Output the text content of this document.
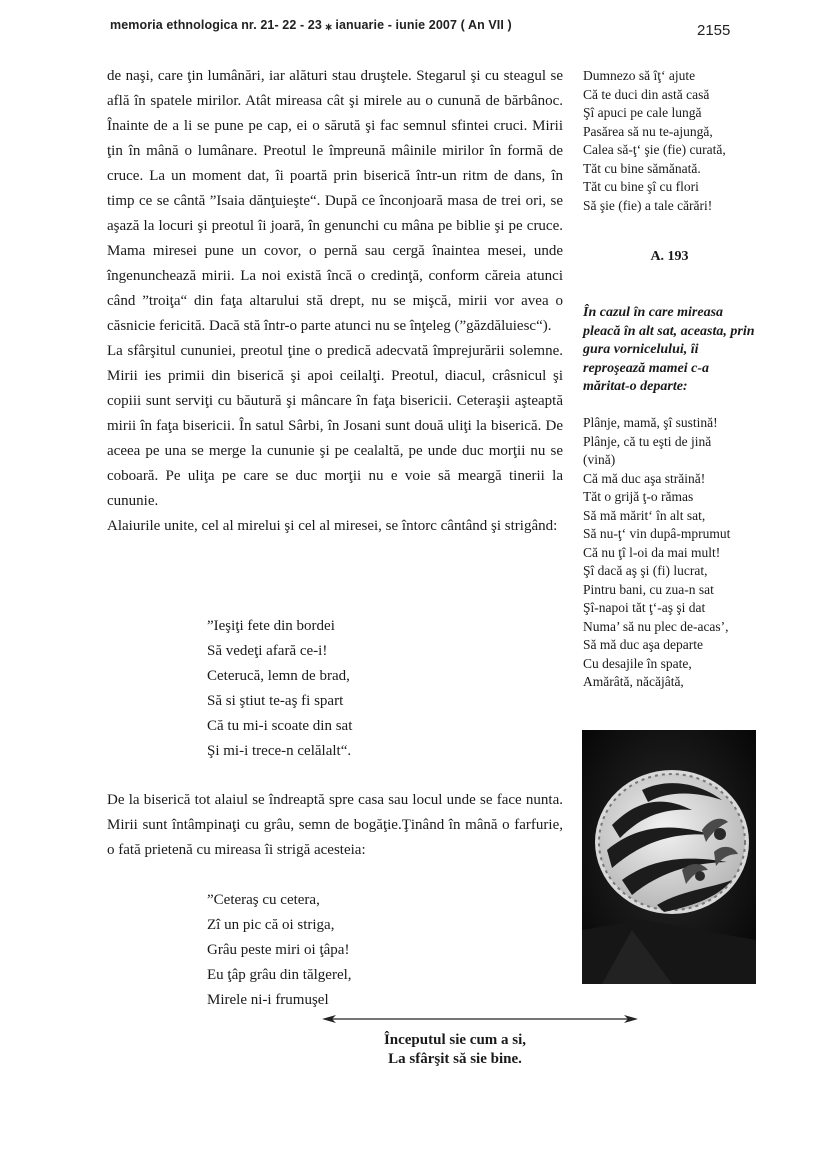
memoria ethnologica nr. 21- 22 - 23 ⁎ ianuarie - iunie 2007 ( An VII )	2155

de naşi, care ţin lumânări, iar alături stau druştele. Stegarul şi cu steagul se află în spatele mirilor. Atât mireasa cât şi mirele au o cunună de bărbânoc. Înainte de a li se pune pe cap, ei o sărută şi fac semnul sfintei cruci. Mirii ţin în mână o lumânare. Preotul le împreună mâinile mirilor în formă de cruce. La un moment dat, îi poartă prin biserică într-un ritm de dans, în timp ce se cântă ”Isaia dănţuieşte“. După ce înconjoară masa de trei ori, se aşază la locuri şi preotul îi joară, în genunchi cu mâna pe biblie şi pe cruce. Mama miresei pune un covor, o pernă sau cergă înaintea mesei, unde îngenunchează mirii. La noi există încă o credinţă, conform căreia atunci când ”troiţa“ din faţa altarului stă drept, nu se mişcă, mirii vor avea o căsnicie fericită. Dacă stă într-o parte atunci nu se înţeleg (”găzdăluiesc“).

La sfârşitul cununiei, preotul ţine o predică adecvată împrejurării solemne. Mirii ies primii din biserică şi apoi ceilalţi. Preotul, diacul, crâsnicul şi copiii sunt serviţi cu băutură şi mâncare în faţa bisericii. Ceteraşii aşteaptă mirii în faţa bisericii. În satul Sârbi, în Josani sunt două uliţi la biserică. De aceea pe una se merge la cununie şi pe cealaltă, pe unde duc morţii nu se coboară. Pe uliţa pe care se duc morţii nu e voie să meargă tinerii la cununie.

Alaiurile unite, cel al mirelui şi cel al miresei, se întorc cântând şi strigând:

”Ieşiţi fete din bordei
Să vedeţi afară ce-i!
Ceterucă, lemn de brad,
Să si ştiut te-aş fi spart
Că tu mi-i scoate din sat
Şi mi-i trece-n celălalt“.

De la biserică tot alaiul se îndreaptă spre casa sau locul unde se face nunta. Mirii sunt întâmpinaţi cu grâu, semn de bogăţie.Ţinând în mână o farfurie, o fată prietenă cu mireasa îi strigă acesteia:

”Ceteraş cu cetera,
Zî un pic că oi striga,
Grâu peste miri oi ţâpa!
Eu ţâp grâu din tălgerel,
Mirele ni-i frumuşel
Dumnezo să îţ‘ ajute
Că te duci din astă casă
Şî apuci pe cale lungă
Pasărea să nu te-ajungă,
Calea să-ţ‘ şie (fie) curată,
Tăt cu bine sămănată.
Tăt cu bine şî cu flori
Să şie (fie) a tale cărări!
A. 193
În cazul în care mireasa pleacă în alt sat, aceasta, prin gura vornicelului, îi reproşează mamei c-a măritat-o departe:
Plânje, mamă, şî sustină!
Plânje, că tu eşti de jină
(vină)
Că mă duc aşa străină!
Tăt o grijă ţ-o rămas
Să mă mărit‘ în alt sat,
Să nu-ţ‘ vin dupâ-mprumut
Că nu ţî l-oi da mai mult!
Şî dacă aş şi (fi) lucrat,
Pintru bani, cu zua-n sat
Şî-napoi tăt ţ‘-aş şi dat
Numa’ să nu plec de-acas’,
Să mă duc aşa departe
Cu desajile în spate,
Amărâtă, năcăjâtă,
Începutul sie cum a si,
La sfârşit să sie bine.
